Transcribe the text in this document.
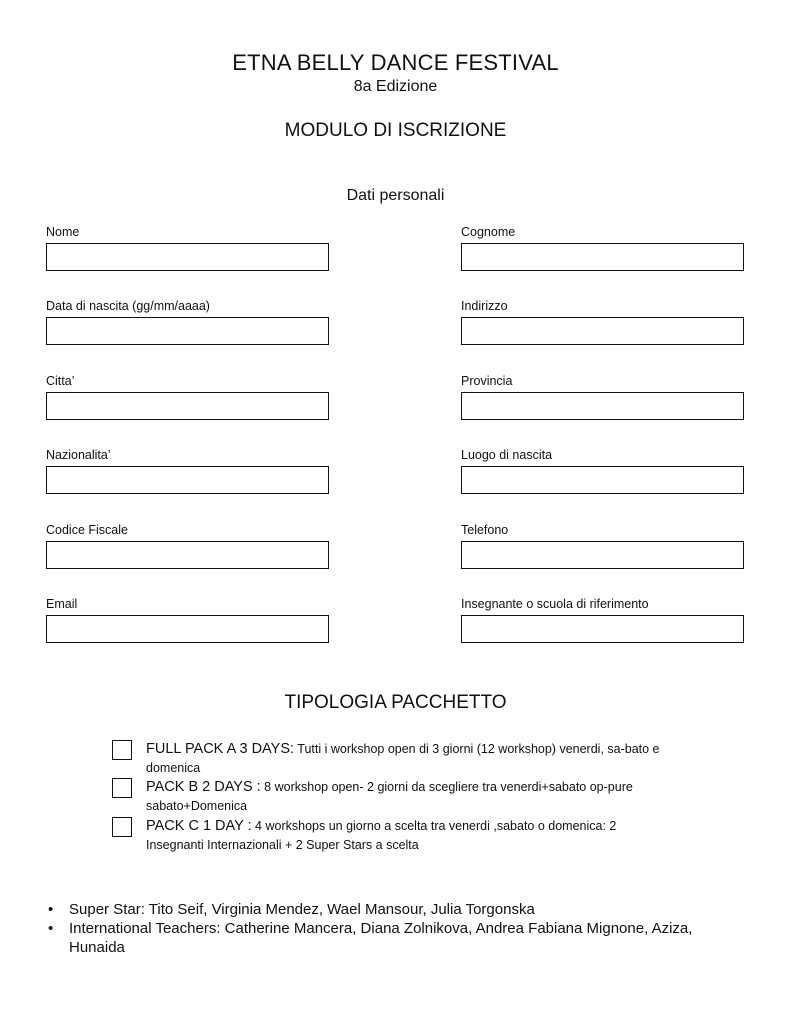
ETNA BELLY DANCE FESTIVAL
8a Edizione
MODULO DI ISCRIZIONE
Dati personali
Nome
Data di nascita (gg/mm/aaaa)
Citta’
Nazionalita’
Codice Fiscale
Email
Cognome
Indirizzo
Provincia
Luogo di nascita
Telefono
Insegnante o scuola di riferimento
TIPOLOGIA PACCHETTO
FULL PACK A 3 DAYS: Tutti i workshop open di 3 giorni (12 workshop) venerdi, sa-bato e domenica
PACK B 2 DAYS : 8 workshop open- 2 giorni da scegliere tra venerdi+sabato op-pure sabato+Domenica
PACK C 1 DAY : 4 workshops un giorno a scelta tra venerdi ,sabato o domenica: 2 Insegnanti Internazionali + 2 Super Stars a scelta

• Super Star: Tito Seif, Virginia Mendez, Wael Mansour, Julia Torgonska

• International Teachers: Catherine Mancera, Diana Zolnikova, Andrea Fabiana Mignone, Aziza, Hunaida
